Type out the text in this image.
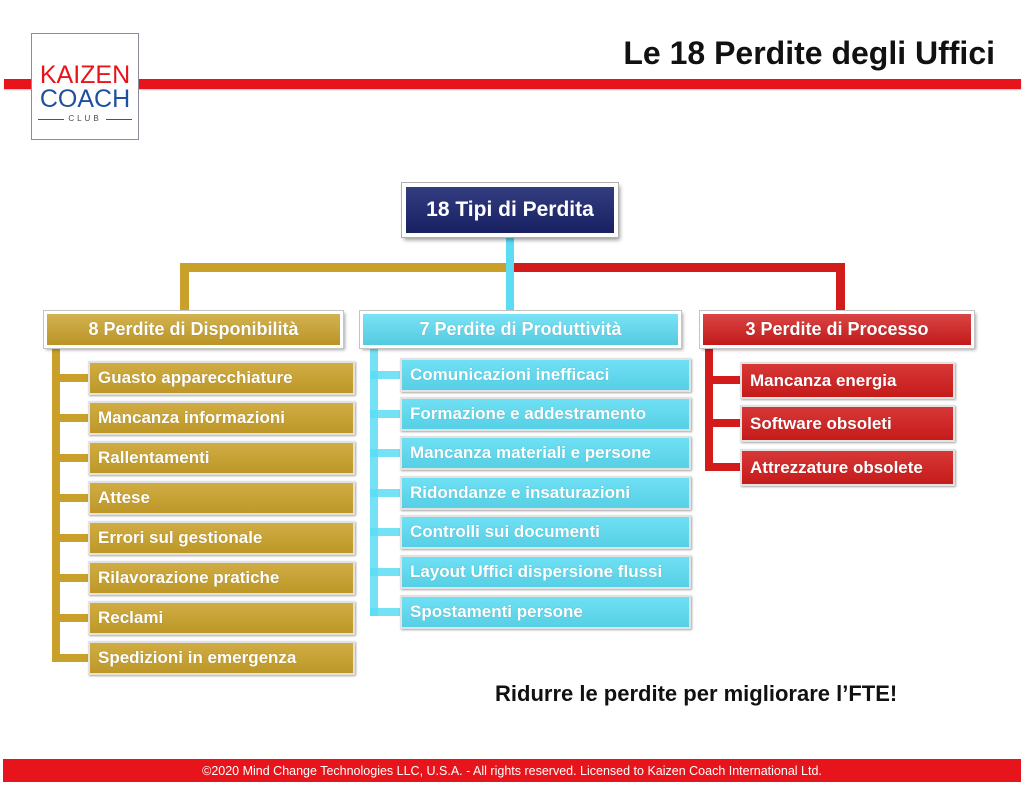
KAIZEN
COACH
CLUB
Le 18 Perdite degli Uffici
18 Tipi di Perdita
8 Perdite di Disponibilità	7 Perdite di Produttività	3 Perdite di Processo
Guasto apparecchiature
Mancanza informazioni
Rallentamenti
Attese
Errori sul gestionale
Rilavorazione pratiche
Reclami
Spedizioni in emergenza
Comunicazioni inefficaci
Formazione e addestramento
Mancanza materiali e persone
Ridondanze e insaturazioni
Controlli sui documenti
Layout Uffici dispersione flussi
Spostamenti persone
Mancanza energia
Software obsoleti
Attrezzature obsolete
Ridurre le perdite per migliorare l’FTE!
©2020 Mind Change Technologies LLC, U.S.A. - All rights reserved. Licensed to Kaizen Coach International Ltd.
